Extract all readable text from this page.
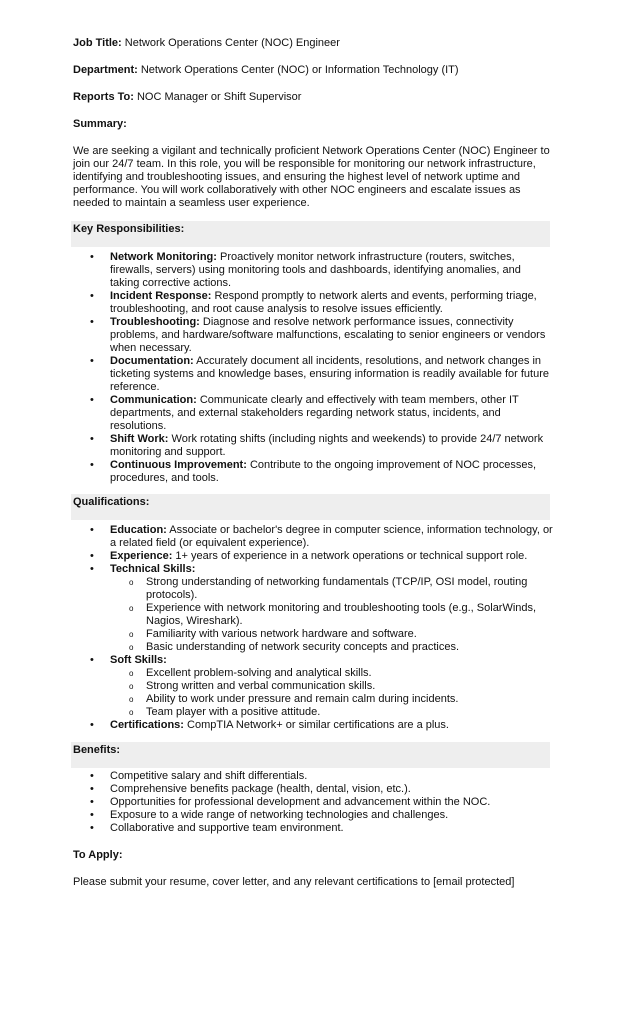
Job Title: Network Operations Center (NOC) Engineer
Department: Network Operations Center (NOC) or Information Technology (IT)
Reports To: NOC Manager or Shift Supervisor
Summary:
We are seeking a vigilant and technically proficient Network Operations Center (NOC) Engineer to join our 24/7 team. In this role, you will be responsible for monitoring our network infrastructure, identifying and troubleshooting issues, and ensuring the highest level of network uptime and performance. You will work collaboratively with other NOC engineers and escalate issues as needed to maintain a seamless user experience.
Key Responsibilities:
• Network Monitoring: Proactively monitor network infrastructure (routers, switches, firewalls, servers) using monitoring tools and dashboards, identifying anomalies, and taking corrective actions.
• Incident Response: Respond promptly to network alerts and events, performing triage, troubleshooting, and root cause analysis to resolve issues efficiently.
• Troubleshooting: Diagnose and resolve network performance issues, connectivity problems, and hardware/software malfunctions, escalating to senior engineers or vendors when necessary.
• Documentation: Accurately document all incidents, resolutions, and network changes in ticketing systems and knowledge bases, ensuring information is readily available for future reference.
• Communication: Communicate clearly and effectively with team members, other IT departments, and external stakeholders regarding network status, incidents, and resolutions.
• Shift Work: Work rotating shifts (including nights and weekends) to provide 24/7 network monitoring and support.
• Continuous Improvement: Contribute to the ongoing improvement of NOC processes, procedures, and tools.
Qualifications:
• Education: Associate or bachelor's degree in computer science, information technology, or a related field (or equivalent experience).
• Experience: 1+ years of experience in a network operations or technical support role.
• Technical Skills:
o Strong understanding of networking fundamentals (TCP/IP, OSI model, routing protocols).
o Experience with network monitoring and troubleshooting tools (e.g., SolarWinds, Nagios, Wireshark).
o Familiarity with various network hardware and software.
o Basic understanding of network security concepts and practices.
• Soft Skills:
o Excellent problem-solving and analytical skills.
o Strong written and verbal communication skills.
o Ability to work under pressure and remain calm during incidents.
o Team player with a positive attitude.
• Certifications: CompTIA Network+ or similar certifications are a plus.
Benefits:
• Competitive salary and shift differentials.
• Comprehensive benefits package (health, dental, vision, etc.).
• Opportunities for professional development and advancement within the NOC.
• Exposure to a wide range of networking technologies and challenges.
• Collaborative and supportive team environment.
To Apply:
Please submit your resume, cover letter, and any relevant certifications to [email protected]
